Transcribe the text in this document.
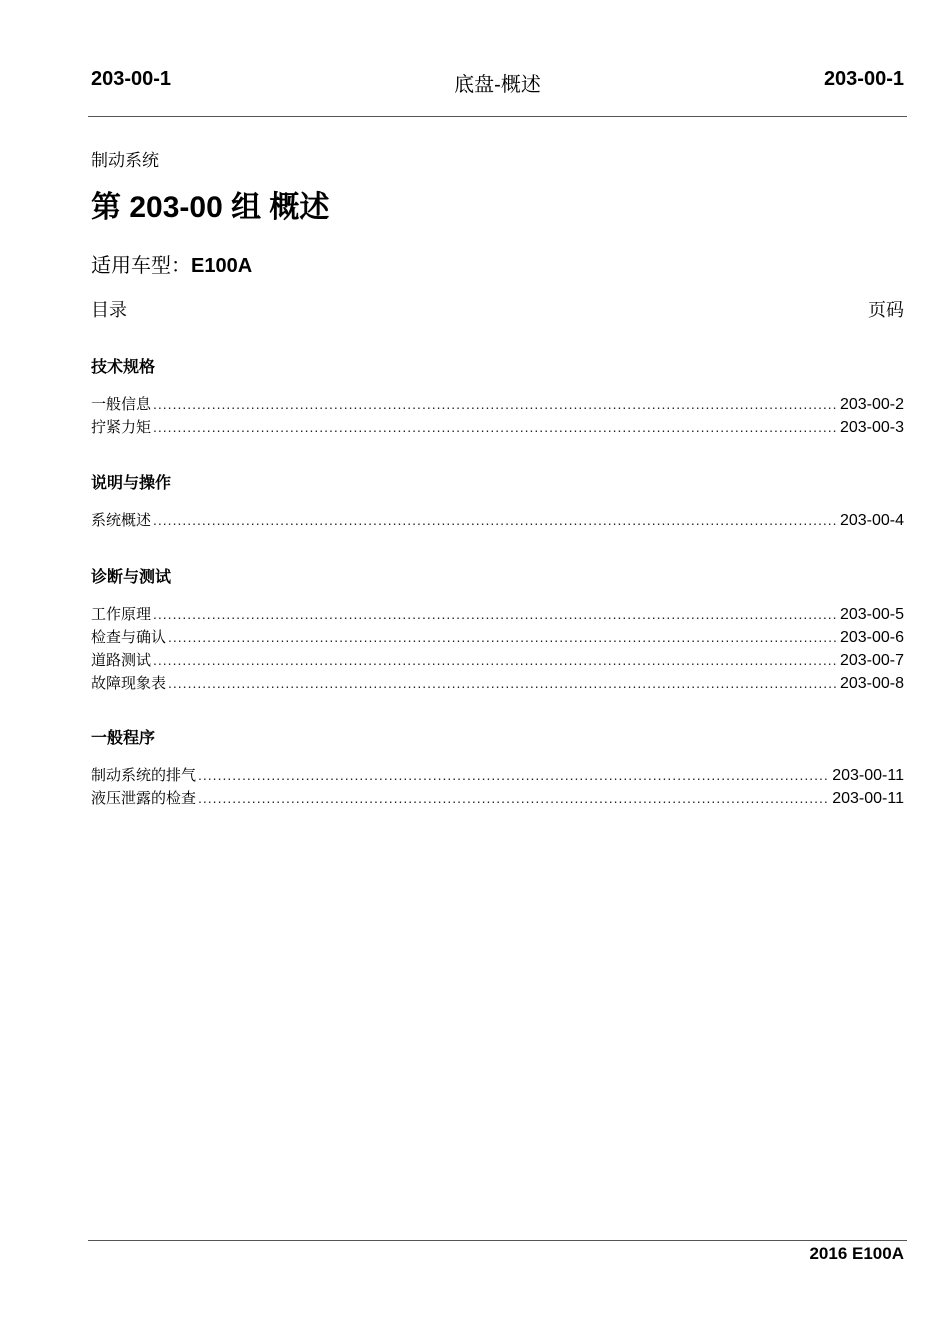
203-00-1	底盘-概述	203-00-1
制动系统
第 203-00 组 概述
适用车型：E100A
目录	页码
技术规格
一般信息 .....	203-00-2
拧紧力矩 .....	203-00-3
说明与操作
系统概述 .....	203-00-4
诊断与测试
工作原理 .....	203-00-5
检查与确认 .....	203-00-6
道路测试 .....	203-00-7
故障现象表 .....	203-00-8
一般程序
制动系统的排气 .....	203-00-11
液压泄露的检查 .....	203-00-11
2016 E100A
